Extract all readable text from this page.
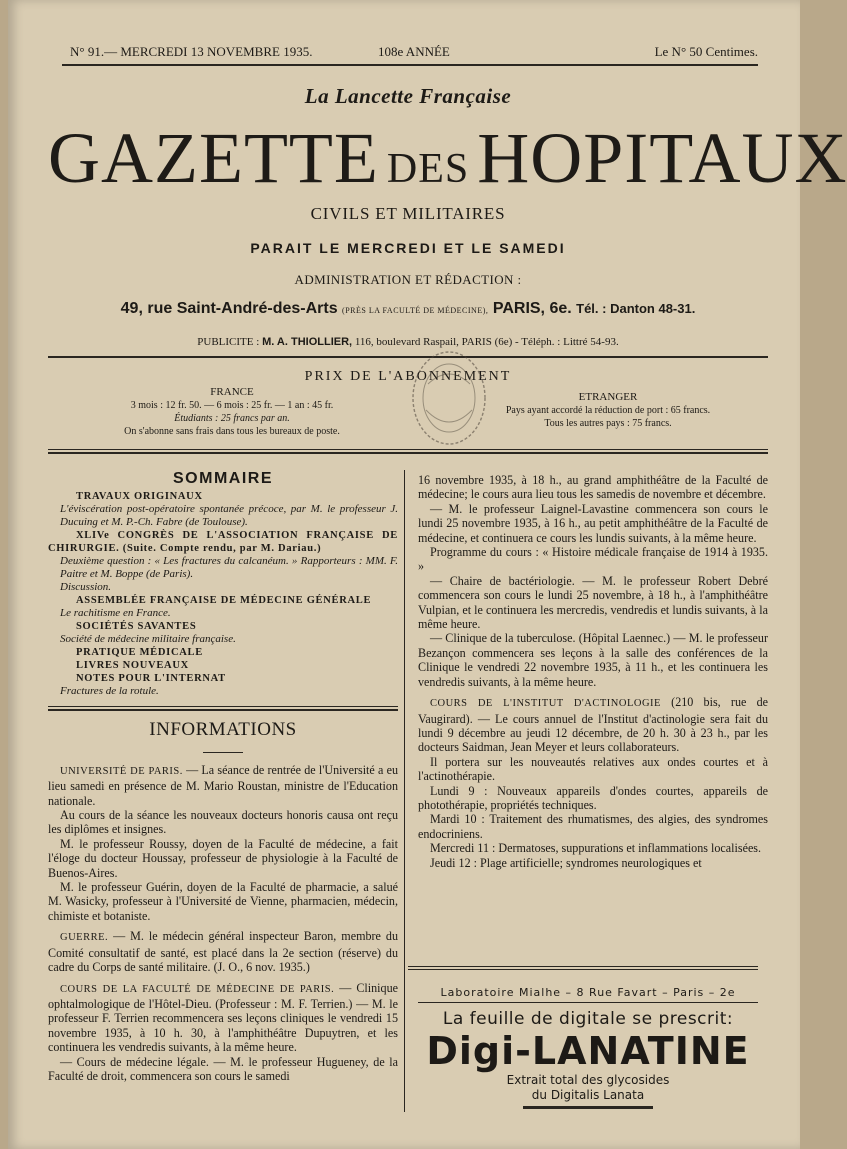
N° 91.— MERCREDI 13 NOVEMBRE 1935.	108e ANNÉE	Le N° 50 Centimes.
La Lancette Française
GAZETTE DES HOPITAUX
CIVILS ET MILITAIRES
PARAIT LE MERCREDI ET LE SAMEDI
ADMINISTRATION ET RÉDACTION :
49, rue Saint-André-des-Arts (PRÈS LA FACULTÉ DE MÉDECINE), PARIS, 6e. Tél. : Danton 48-31.
PUBLICITE : M. A. THIOLLIER, 116, boulevard Raspail, PARIS (6e) - Téléph. : Littré 54-93.
PRIX DE L'ABONNEMENT
FRANCE
3 mois : 12 fr. 50. — 6 mois : 25 fr. — 1 an : 45 fr.
Étudiants : 25 francs par an.
On s'abonne sans frais dans tous les bureaux de poste.
ETRANGER
Pays ayant accordé la réduction de port : 65 francs.
Tous les autres pays : 75 francs.
SOMMAIRE

TRAVAUX ORIGINAUX

L'éviscération post-opératoire spontanée précoce, par M. le professeur J. Ducuing et M. P.-Ch. Fabre (de Toulouse).

XLIVe CONGRÈS DE L'ASSOCIATION FRANÇAISE DE CHIRURGIE. (Suite. Compte rendu, par M. Dariau.)

Deuxième question : « Les fractures du calcanéum. » Rapporteurs : MM. F. Paitre et M. Boppe (de Paris).

Discussion.

ASSEMBLÉE FRANÇAISE DE MÉDECINE GÉNÉRALE

Le rachitisme en France.

SOCIÉTÉS SAVANTES

Société de médecine militaire française.

PRATIQUE MÉDICALE

LIVRES NOUVEAUX

NOTES POUR L'INTERNAT

Fractures de la rotule.

INFORMATIONS

UNIVERSITÉ DE PARIS. — La séance de rentrée de l'Université a eu lieu samedi en présence de M. Mario Roustan, ministre de l'Education nationale.

Au cours de la séance les nouveaux docteurs honoris causa ont reçu les diplômes et insignes.

M. le professeur Roussy, doyen de la Faculté de médecine, a fait l'éloge du docteur Houssay, professeur de physiologie à la Faculté de Buenos-Aires.

M. le professeur Guérin, doyen de la Faculté de pharmacie, a salué M. Wasicky, professeur à l'Université de Vienne, pharmacien, médecin, chimiste et botaniste.

GUERRE. — M. le médecin général inspecteur Baron, membre du Comité consultatif de santé, est placé dans la 2e section (réserve) du cadre du Corps de santé militaire. (J. O., 6 nov. 1935.)

COURS DE LA FACULTÉ DE MÉDECINE DE PARIS. — Clinique ophtalmologique de l'Hôtel-Dieu. (Professeur : M. F. Terrien.) — M. le professeur F. Terrien recommencera ses leçons cliniques le vendredi 15 novembre 1935, à 10 h. 30, à l'amphithéâtre Dupuytren, et les continuera les vendredis suivants, à la même heure.

— Cours de médecine légale. — M. le professeur Hugueney, de la Faculté de droit, commencera son cours le samedi

16 novembre 1935, à 18 h., au grand amphithéâtre de la Faculté de médecine; le cours aura lieu tous les samedis de novembre et décembre.

— M. le professeur Laignel-Lavastine commencera son cours le lundi 25 novembre 1935, à 16 h., au petit amphithéâtre de la Faculté de médecine, et continuera ce cours les lundis suivants, à la même heure.

Programme du cours : « Histoire médicale française de 1914 à 1935. »

— Chaire de bactériologie. — M. le professeur Robert Debré commencera son cours le lundi 25 novembre, à 18 h., à l'amphithéâtre Vulpian, et le continuera les mercredis, vendredis et lundis suivants, à la même heure.

— Clinique de la tuberculose. (Hôpital Laennec.) — M. le professeur Bezançon commencera ses leçons à la salle des conférences de la Clinique le vendredi 22 novembre 1935, à 11 h., et les continuera les vendredis suivants, à la même heure.

COURS DE L'INSTITUT D'ACTINOLOGIE (210 bis, rue de Vaugirard). — Le cours annuel de l'Institut d'actinologie sera fait du lundi 9 décembre au jeudi 12 décembre, de 20 h. 30 à 23 h., par les docteurs Saidman, Jean Meyer et leurs collaborateurs.

Il portera sur les nouveautés relatives aux ondes courtes et à l'actinothérapie.

Lundi 9 : Nouveaux appareils d'ondes courtes, appareils de photothérapie, propriétés techniques.

Mardi 10 : Traitement des rhumatismes, des algies, des syndromes endocriniens.

Mercredi 11 : Dermatoses, suppurations et inflammations localisées.

Jeudi 12 : Plage artificielle; syndromes neurologiques et

Laboratoire Mialhe – 8 Rue Favart – Paris – 2e
La feuille de digitale se prescrit:
Digi-LANATINE
Extrait total des glycosides
du Digitalis Lanata
